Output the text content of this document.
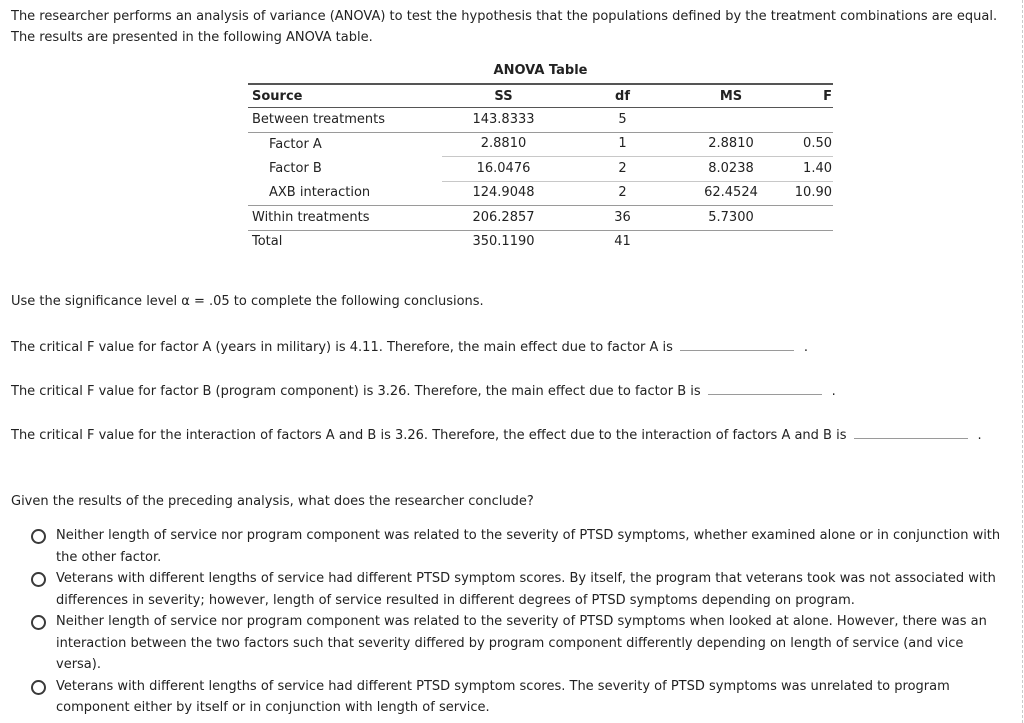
The researcher performs an analysis of variance (ANOVA) to test the hypothesis that the populations defined by the treatment combinations are equal.

The results are presented in the following ANOVA table.

ANOVA Table
Source	SS	df	MS	F
Between treatments	143.8333	5		
Factor A	2.8810	1	2.8810	0.50
Factor B	16.0476	2	8.0238	1.40
AXB interaction	124.9048	2	62.4524	10.90
Within treatments	206.2857	36	5.7300	
Total	350.1190	41		
Use the significance level α = .05 to complete the following conclusions.
The critical F value for factor A (years in military) is 4.11. Therefore, the main effect due to factor A is	.
The critical F value for factor B (program component) is 3.26. Therefore, the main effect due to factor B is	.
The critical F value for the interaction of factors A and B is 3.26. Therefore, the effect due to the interaction of factors A and B is	.
Given the results of the preceding analysis, what does the researcher conclude?
Neither length of service nor program component was related to the severity of PTSD symptoms, whether examined alone or in conjunction with the other factor.
Veterans with different lengths of service had different PTSD symptom scores. By itself, the program that veterans took was not associated with differences in severity; however, length of service resulted in different degrees of PTSD symptoms depending on program.
Neither length of service nor program component was related to the severity of PTSD symptoms when looked at alone. However, there was an interaction between the two factors such that severity differed by program component differently depending on length of service (and vice versa).
Veterans with different lengths of service had different PTSD symptom scores. The severity of PTSD symptoms was unrelated to program component either by itself or in conjunction with length of service.
